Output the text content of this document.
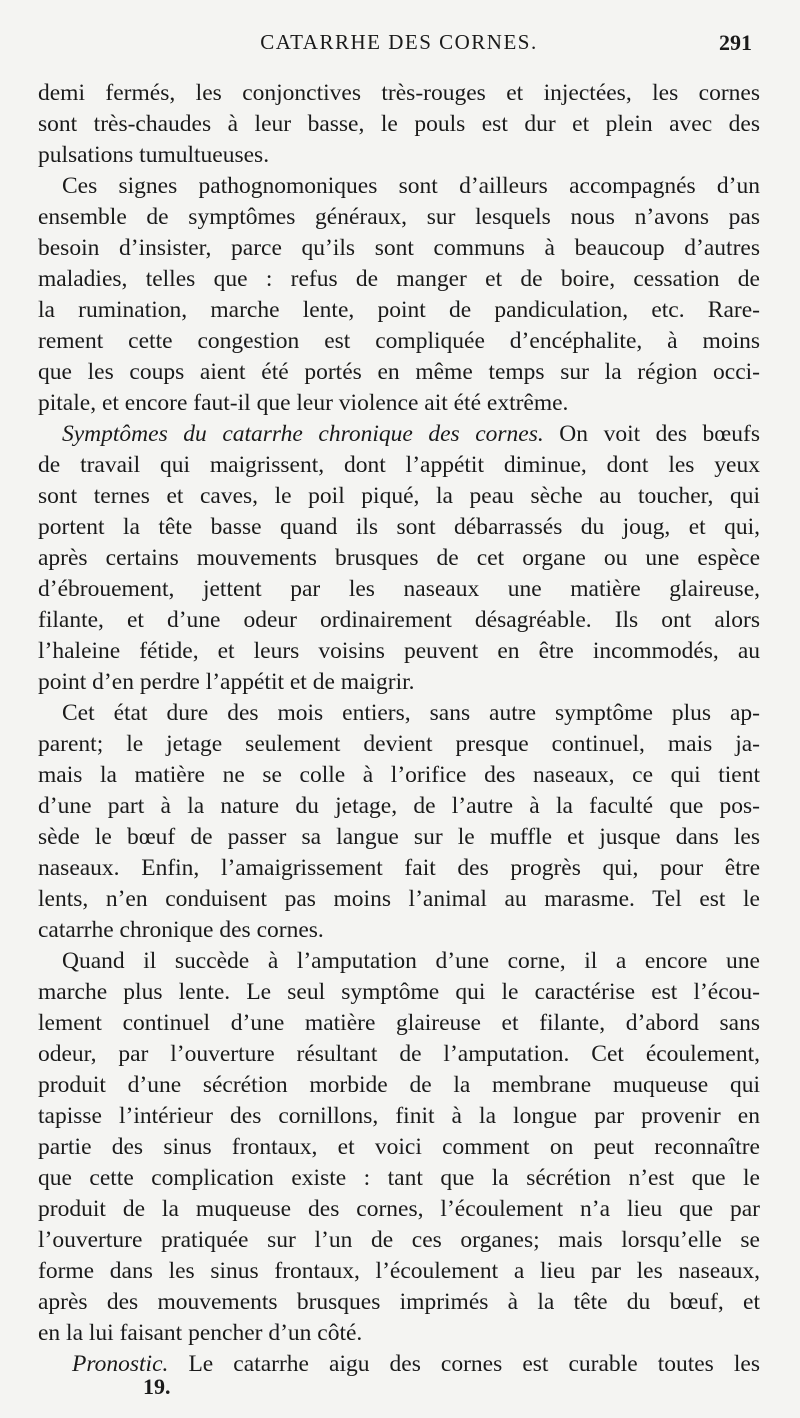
CATARRHE DES CORNES.	291
demi fermés, les conjonctives très-rouges et injectées, les cornes
sont très-chaudes à leur basse, le pouls est dur et plein avec des
pulsations tumultueuses.
Ces signes pathognomoniques sont d’ailleurs accompagnés d’un
ensemble de symptômes généraux, sur lesquels nous n’avons pas
besoin d’insister, parce qu’ils sont communs à beaucoup d’autres
maladies, telles que : refus de manger et de boire, cessation de
la rumination, marche lente, point de pandiculation, etc. Rare-
rement cette congestion est compliquée d’encéphalite, à moins
que les coups aient été portés en même temps sur la région occi-
pitale, et encore faut-il que leur violence ait été extrême.
Symptômes du catarrhe chronique des cornes. On voit des bœufs
de travail qui maigrissent, dont l’appétit diminue, dont les yeux
sont ternes et caves, le poil piqué, la peau sèche au toucher, qui
portent la tête basse quand ils sont débarrassés du joug, et qui,
après certains mouvements brusques de cet organe ou une espèce
d’ébrouement, jettent par les naseaux une matière glaireuse,
filante, et d’une odeur ordinairement désagréable. Ils ont alors
l’haleine fétide, et leurs voisins peuvent en être incommodés, au
point d’en perdre l’appétit et de maigrir.
Cet état dure des mois entiers, sans autre symptôme plus ap-
parent; le jetage seulement devient presque continuel, mais ja-
mais la matière ne se colle à l’orifice des naseaux, ce qui tient
d’une part à la nature du jetage, de l’autre à la faculté que pos-
sède le bœuf de passer sa langue sur le muffle et jusque dans les
naseaux. Enfin, l’amaigrissement fait des progrès qui, pour être
lents, n’en conduisent pas moins l’animal au marasme. Tel est le
catarrhe chronique des cornes.
Quand il succède à l’amputation d’une corne, il a encore une
marche plus lente. Le seul symptôme qui le caractérise est l’écou-
lement continuel d’une matière glaireuse et filante, d’abord sans
odeur, par l’ouverture résultant de l’amputation. Cet écoulement,
produit d’une sécrétion morbide de la membrane muqueuse qui
tapisse l’intérieur des cornillons, finit à la longue par provenir en
partie des sinus frontaux, et voici comment on peut reconnaître
que cette complication existe : tant que la sécrétion n’est que le
produit de la muqueuse des cornes, l’écoulement n’a lieu que par
l’ouverture pratiquée sur l’un de ces organes; mais lorsqu’elle se
forme dans les sinus frontaux, l’écoulement a lieu par les naseaux,
après des mouvements brusques imprimés à la tête du bœuf, et
en la lui faisant pencher d’un côté.
Pronostic. Le catarrhe aigu des cornes est curable toutes les
19.
